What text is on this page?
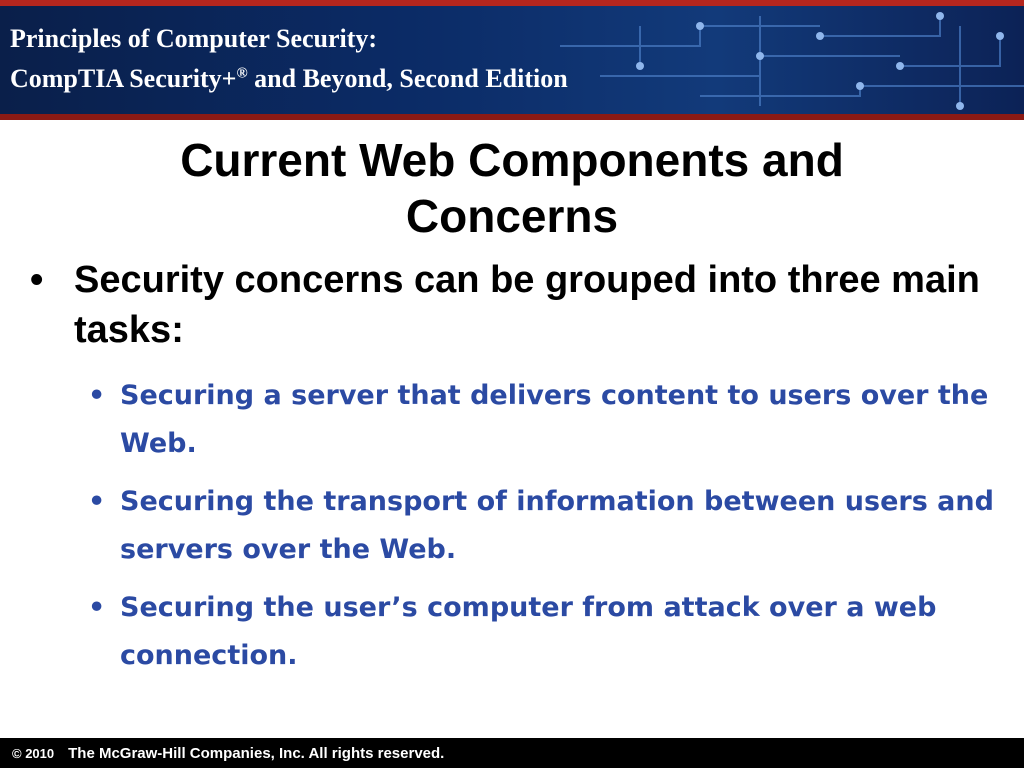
Principles of Computer Security:
CompTIA Security+® and Beyond, Second Edition
Current Web Components and
Concerns
• Security concerns can be grouped into three main tasks:
• Securing a server that delivers content to users over the Web.
• Securing the transport of information between users and servers over the Web.
• Securing the user’s computer from attack over a web connection.
© 2010 The McGraw-Hill Companies, Inc. All rights reserved.
